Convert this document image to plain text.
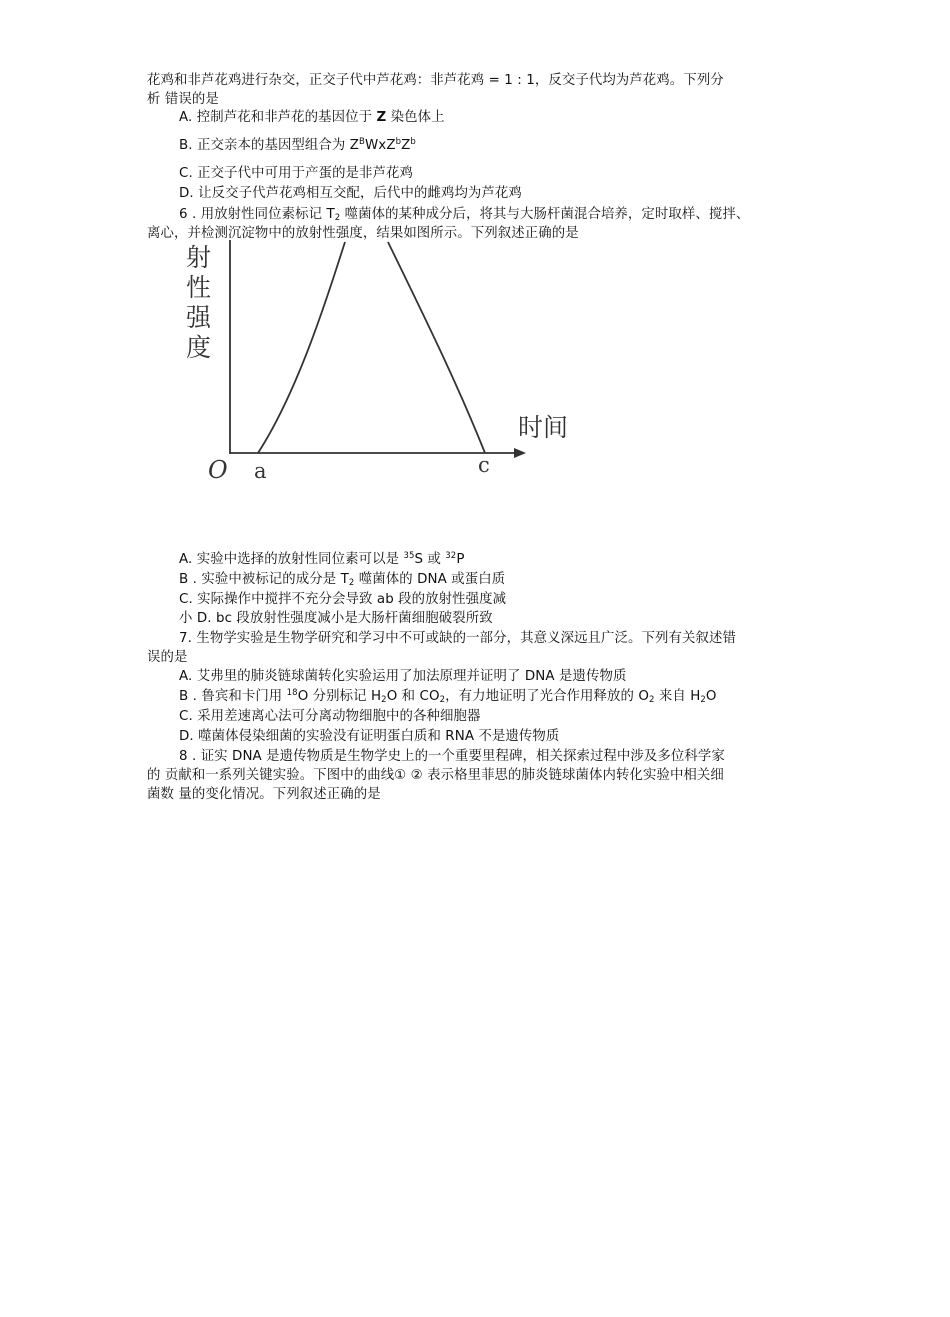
花鸡和非芦花鸡进行杂交，正交子代中芦花鸡：非芦花鸡 = 1 : 1，反交子代均为芦花鸡。下列分
析 错误的是
A. 控制芦花和非芦花的基因位于 Z 染色体上
B. 正交亲本的基因型组合为 $Z^BWxZ^bZ^b$
C. 正交子代中可用于产蛋的是非芦花鸡
D. 让反交子代芦花鸡相互交配，后代中的雌鸡均为芦花鸡
6 . 用放射性同位素标记 $T_2$ 噬菌体的某种成分后，将其与大肠杆菌混合培养，定时取样、搅拌、
离心，并检测沉淀物中的放射性强度，结果如图所示。下列叙述正确的是
射
性
强
度
时间
O a	c
A. 实验中选择的放射性同位素可以是 $^{35}$S 或 $^{32}$P
B . 实验中被标记的成分是 $T_2$ 噬菌体的 DNA 或蛋白质
C. 实际操作中搅拌不充分会导致 ab 段的放射性强度减
小 D. bc 段放射性强度减小是大肠杆菌细胞破裂所致
7. 生物学实验是生物学研究和学习中不可或缺的一部分，其意义深远且广泛。下列有关叙述错
误的是
A. 艾弗里的肺炎链球菌转化实验运用了加法原理并证明了 DNA 是遗传物质
B . 鲁宾和卡门用 $^{18}$O 分别标记 $H_2O$ 和 $CO_2$，有力地证明了光合作用释放的 $O_2$ 来自 $H_2O$
C. 采用差速离心法可分离动物细胞中的各种细胞器
D. 噬菌体侵染细菌的实验没有证明蛋白质和 RNA 不是遗传物质
8 . 证实 DNA 是遗传物质是生物学史上的一个重要里程碑，相关探索过程中涉及多位科学家
的 贡献和一系列关键实验。下图中的曲线① ② 表示格里菲思的肺炎链球菌体内转化实验中相关细
菌数 量的变化情况。下列叙述正确的是
